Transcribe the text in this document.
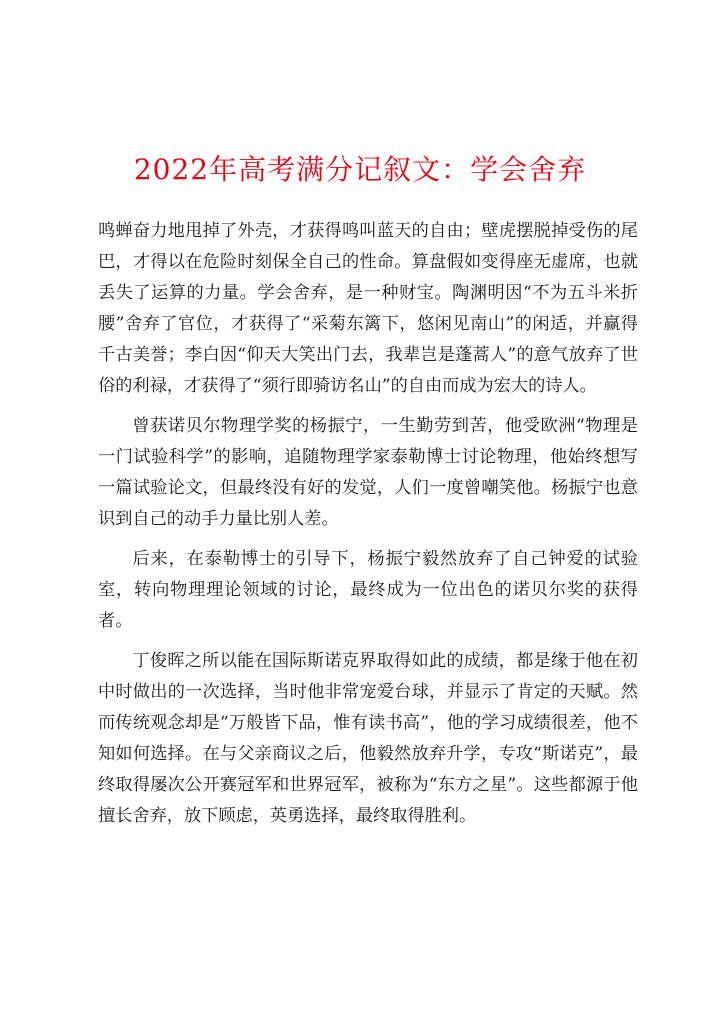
2022年高考满分记叙文：学会舍弃

鸣蝉奋力地甩掉了外壳，才获得鸣叫蓝天的自由；壁虎摆脱掉受伤的尾巴，才得以在危险时刻保全自己的性命。算盘假如变得座无虚席，也就丢失了运算的力量。学会舍弃，是一种财宝。陶渊明因“不为五斗米折腰”舍弃了官位，才获得了“采菊东篱下，悠闲见南山”的闲适，并赢得千古美誉；李白因“仰天大笑出门去，我辈岂是蓬蒿人”的意气放弃了世俗的利禄，才获得了“须行即骑访名山”的自由而成为宏大的诗人。

曾获诺贝尔物理学奖的杨振宁，一生勤劳到苦，他受欧洲“物理是一门试验科学”的影响，追随物理学家泰勒博士讨论物理，他始终想写一篇试验论文，但最终没有好的发觉，人们一度曾嘲笑他。杨振宁也意识到自己的动手力量比别人差。

后来，在泰勒博士的引导下，杨振宁毅然放弃了自己钟爱的试验室，转向物理理论领域的讨论，最终成为一位出色的诺贝尔奖的获得者。

丁俊晖之所以能在国际斯诺克界取得如此的成绩，都是缘于他在初中时做出的一次选择，当时他非常宠爱台球，并显示了肯定的天赋。然而传统观念却是“万般皆下品，惟有读书高”，他的学习成绩很差，他不知如何选择。在与父亲商议之后，他毅然放弃升学，专攻“斯诺克”，最终取得屡次公开赛冠军和世界冠军，被称为“东方之星”。这些都源于他擅长舍弃，放下顾虑，英勇选择，最终取得胜利。
